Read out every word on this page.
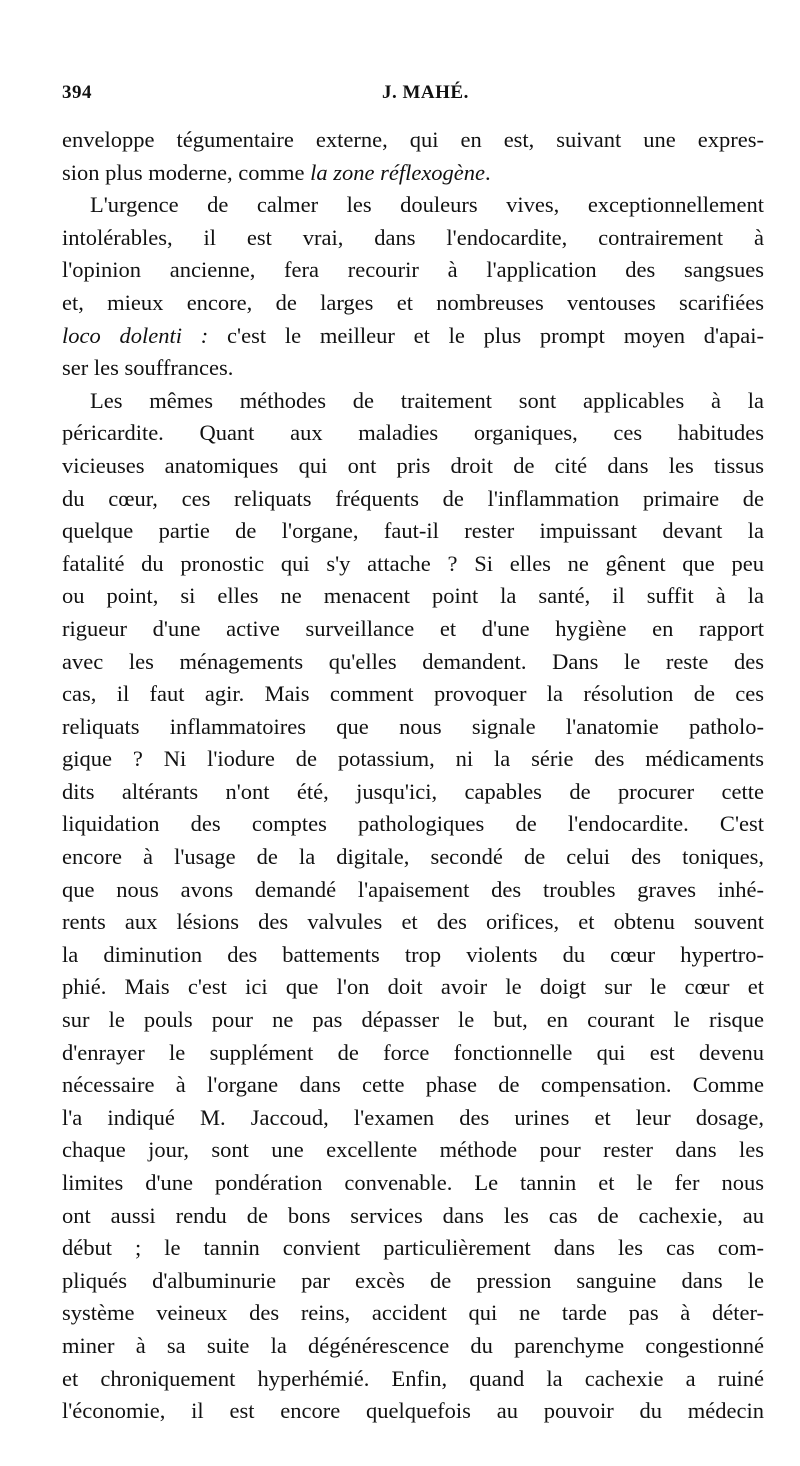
394	J. MAHÉ.
enveloppe tégumentaire externe, qui en est, suivant une expres-
sion plus moderne, comme la zone réflexogène.
L'urgence de calmer les douleurs vives, exceptionnellement
intolérables, il est vrai, dans l'endocardite, contrairement à
l'opinion ancienne, fera recourir à l'application des sangsues
et, mieux encore, de larges et nombreuses ventouses scarifiées
loco dolenti : c'est le meilleur et le plus prompt moyen d'apai-
ser les souffrances.
Les mêmes méthodes de traitement sont applicables à la
péricardite. Quant aux maladies organiques, ces habitudes
vicieuses anatomiques qui ont pris droit de cité dans les tissus
du cœur, ces reliquats fréquents de l'inflammation primaire de
quelque partie de l'organe, faut-il rester impuissant devant la
fatalité du pronostic qui s'y attache ? Si elles ne gênent que peu
ou point, si elles ne menacent point la santé, il suffit à la
rigueur d'une active surveillance et d'une hygiène en rapport
avec les ménagements qu'elles demandent. Dans le reste des
cas, il faut agir. Mais comment provoquer la résolution de ces
reliquats inflammatoires que nous signale l'anatomie patholo-
gique ? Ni l'iodure de potassium, ni la série des médicaments
dits altérants n'ont été, jusqu'ici, capables de procurer cette
liquidation des comptes pathologiques de l'endocardite. C'est
encore à l'usage de la digitale, secondé de celui des toniques,
que nous avons demandé l'apaisement des troubles graves inhé-
rents aux lésions des valvules et des orifices, et obtenu souvent
la diminution des battements trop violents du cœur hypertro-
phié. Mais c'est ici que l'on doit avoir le doigt sur le cœur et
sur le pouls pour ne pas dépasser le but, en courant le risque
d'enrayer le supplément de force fonctionnelle qui est devenu
nécessaire à l'organe dans cette phase de compensation. Comme
l'a indiqué M. Jaccoud, l'examen des urines et leur dosage,
chaque jour, sont une excellente méthode pour rester dans les
limites d'une pondération convenable. Le tannin et le fer nous
ont aussi rendu de bons services dans les cas de cachexie, au
début ; le tannin convient particulièrement dans les cas com-
pliqués d'albuminurie par excès de pression sanguine dans le
système veineux des reins, accident qui ne tarde pas à déter-
miner à sa suite la dégénérescence du parenchyme congestionné
et chroniquement hyperhémié. Enfin, quand la cachexie a ruiné
l'économie, il est encore quelquefois au pouvoir du médecin
